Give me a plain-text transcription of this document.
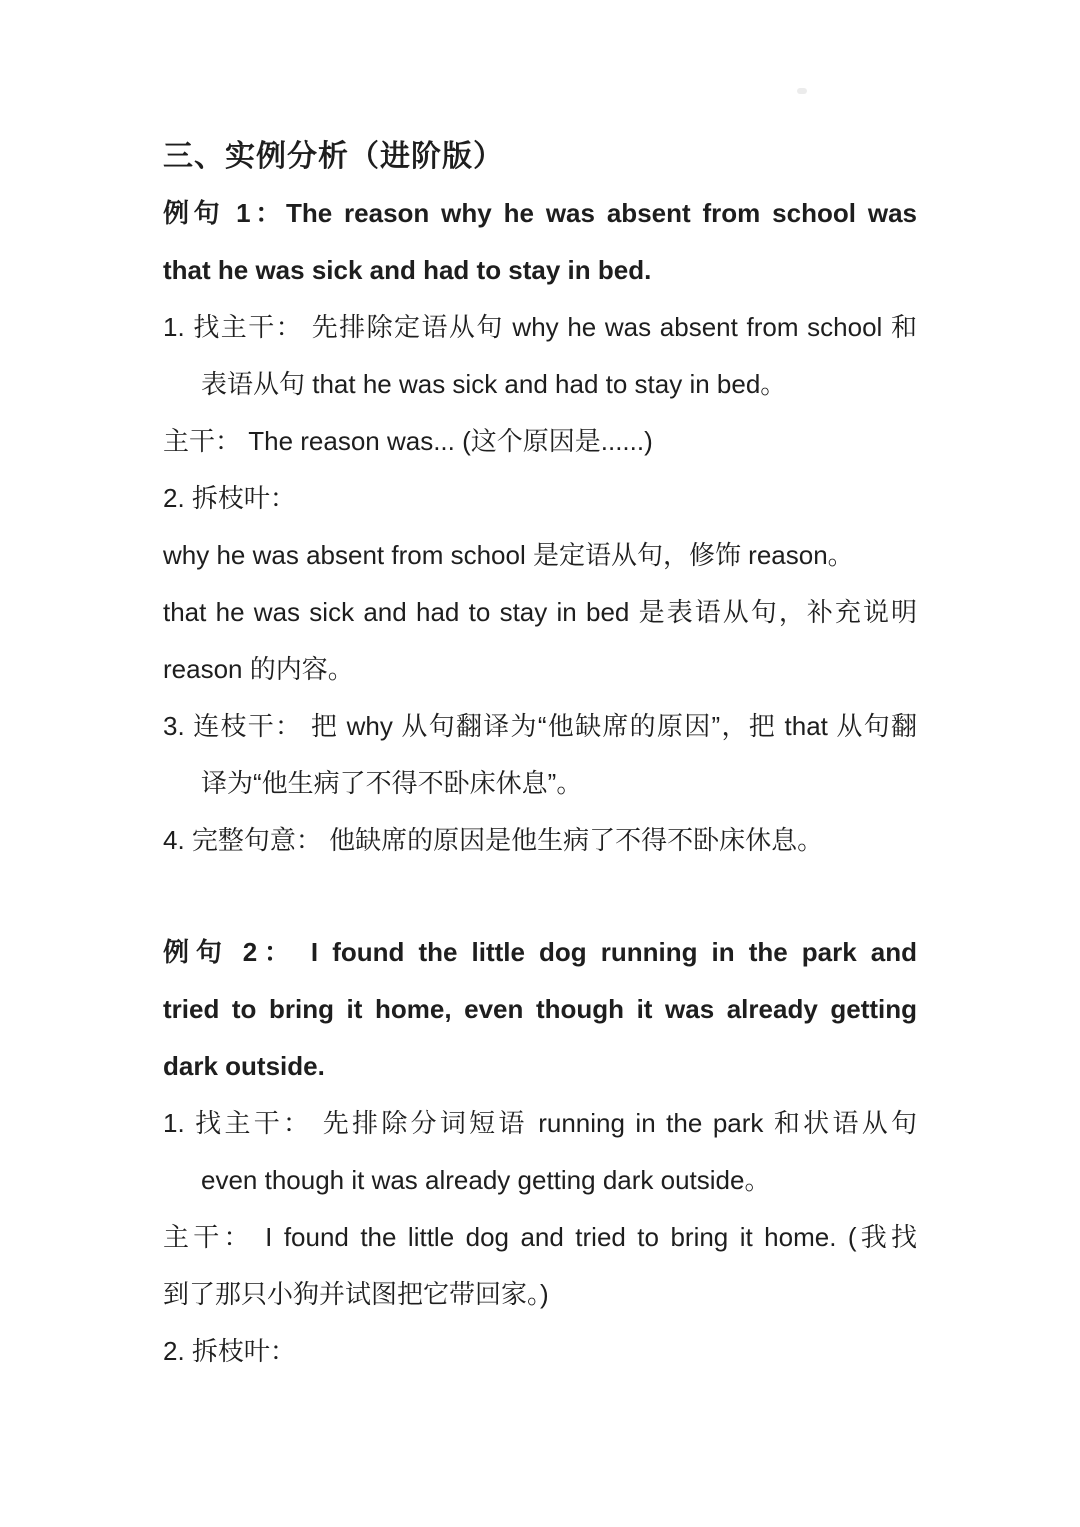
三、实例分析（进阶版）

例句 1：The reason why he was absent from school was

that he was sick and had to stay in bed.

1. 找主干： 先排除定语从句 why he was absent from school 和

表语从句 that he was sick and had to stay in bed。

主干： The reason was... (这个原因是......)

2. 拆枝叶：

why he was absent from school 是定语从句，修饰 reason。

that he was sick and had to stay in bed 是表语从句，补充说明

reason 的内容。

3. 连枝干： 把 why 从句翻译为“他缺席的原因”，把 that 从句翻

译为“他生病了不得不卧床休息”。

4. 完整句意： 他缺席的原因是他生病了不得不卧床休息。

例句 2： I found the little dog running in the park and

tried to bring it home, even though it was already getting

dark outside.

1. 找主干： 先排除分词短语 running in the park 和状语从句

even though it was already getting dark outside。

主干： I found the little dog and tried to bring it home. (我找

到了那只小狗并试图把它带回家。)

2. 拆枝叶：
